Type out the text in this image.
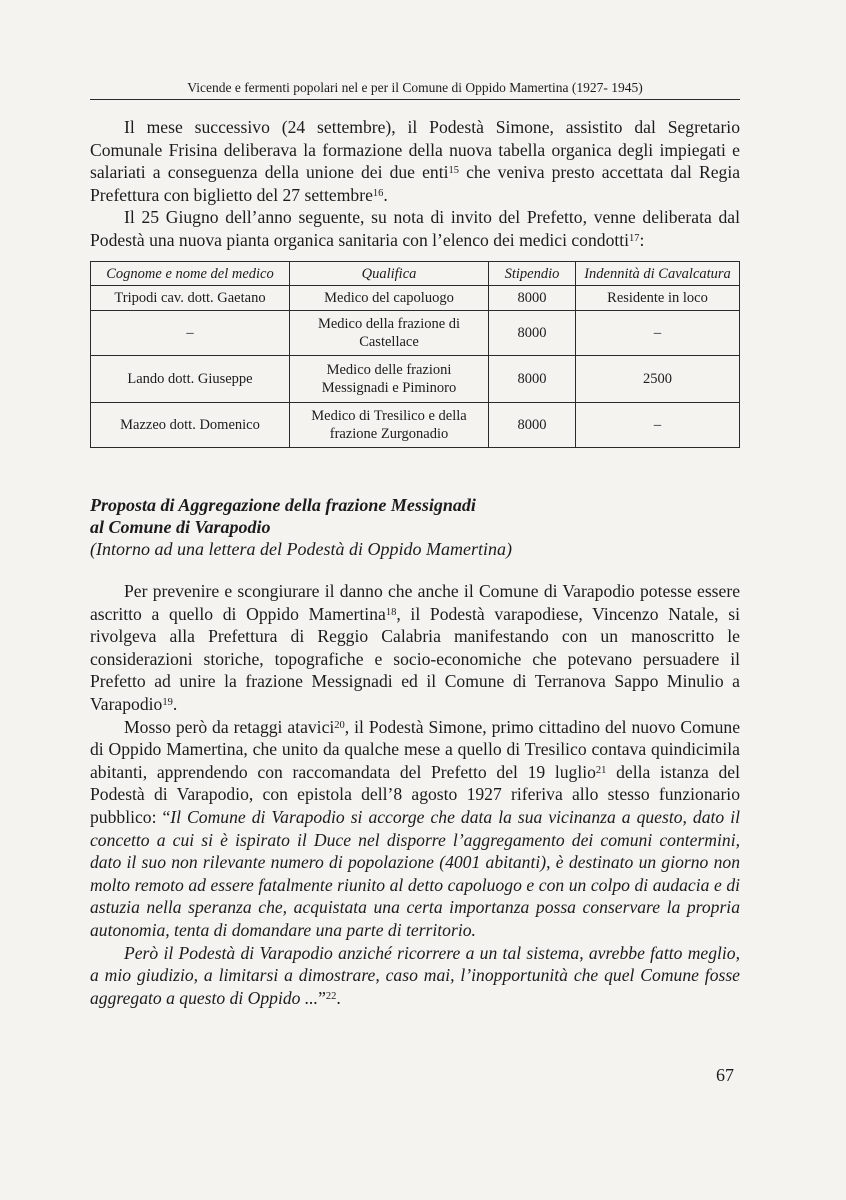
Vicende e fermenti popolari nel e per il Comune di Oppido Mamertina (1927- 1945)

Il mese successivo (24 settembre), il Podestà Simone, assistito dal Segretario Comunale Frisina deliberava la formazione della nuova tabella organica degli impiegati e salariati a conseguenza della unione dei due enti$^{15}$ che veniva presto accettata dal Regia Prefettura con biglietto del 27 settembre$^{16}$.

Il 25 Giugno dell’anno seguente, su nota di invito del Prefetto, venne deliberata dal Podestà una nuova pianta organica sanitaria con l’elenco dei medici condotti$^{17}$:

Cognome e nome del medico	Qualifica	Stipendio	Indennità di Cavalcatura
Tripodi cav. dott. Gaetano	Medico del capoluogo	8000	Residente in loco
–	Medico della frazione di Castellace	8000	–
Lando dott. Giuseppe	Medico delle frazioni Messignadi e Piminoro	8000	2500
Mazzeo dott. Domenico	Medico di Tresilico e della frazione Zurgonadio	8000	–
Proposta di Aggregazione della frazione Messignadi
al Comune di Varapodio
(Intorno ad una lettera del Podestà di Oppido Mamertina)

Per prevenire e scongiurare il danno che anche il Comune di Varapodio potesse essere ascritto a quello di Oppido Mamertina$^{18}$, il Podestà varapodiese, Vincenzo Natale, si rivolgeva alla Prefettura di Reggio Calabria manifestando con un manoscritto le considerazioni storiche, topografiche e socio-economiche che potevano persuadere il Prefetto ad unire la frazione Messignadi ed il Comune di Terranova Sappo Minulio a Varapodio$^{19}$.

Mosso però da retaggi atavici$^{20}$, il Podestà Simone, primo cittadino del nuovo Comune di Oppido Mamertina, che unito da qualche mese a quello di Tresilico contava quindicimila abitanti, apprendendo con raccomandata del Prefetto del 19 luglio$^{21}$ della istanza del Podestà di Varapodio, con epistola dell’8 agosto 1927 riferiva allo stesso funzionario pubblico: “Il Comune di Varapodio si accorge che data la sua vicinanza a questo, dato il concetto a cui si è ispirato il Duce nel disporre l’aggregamento dei comuni contermini, dato il suo non rilevante numero di popolazione (4001 abitanti), è destinato un giorno non molto remoto ad essere fatalmente riunito al detto capoluogo e con un colpo di audacia e di astuzia nella speranza che, acquistata una certa importanza possa conservare la propria autonomia, tenta di domandare una parte di territorio.

Però il Podestà di Varapodio anziché ricorrere a un tal sistema, avrebbe fatto meglio, a mio giudizio, a limitarsi a dimostrare, caso mai, l’inopportunità che quel Comune fosse aggregato a questo di Oppido ...”$^{22}$.

67
